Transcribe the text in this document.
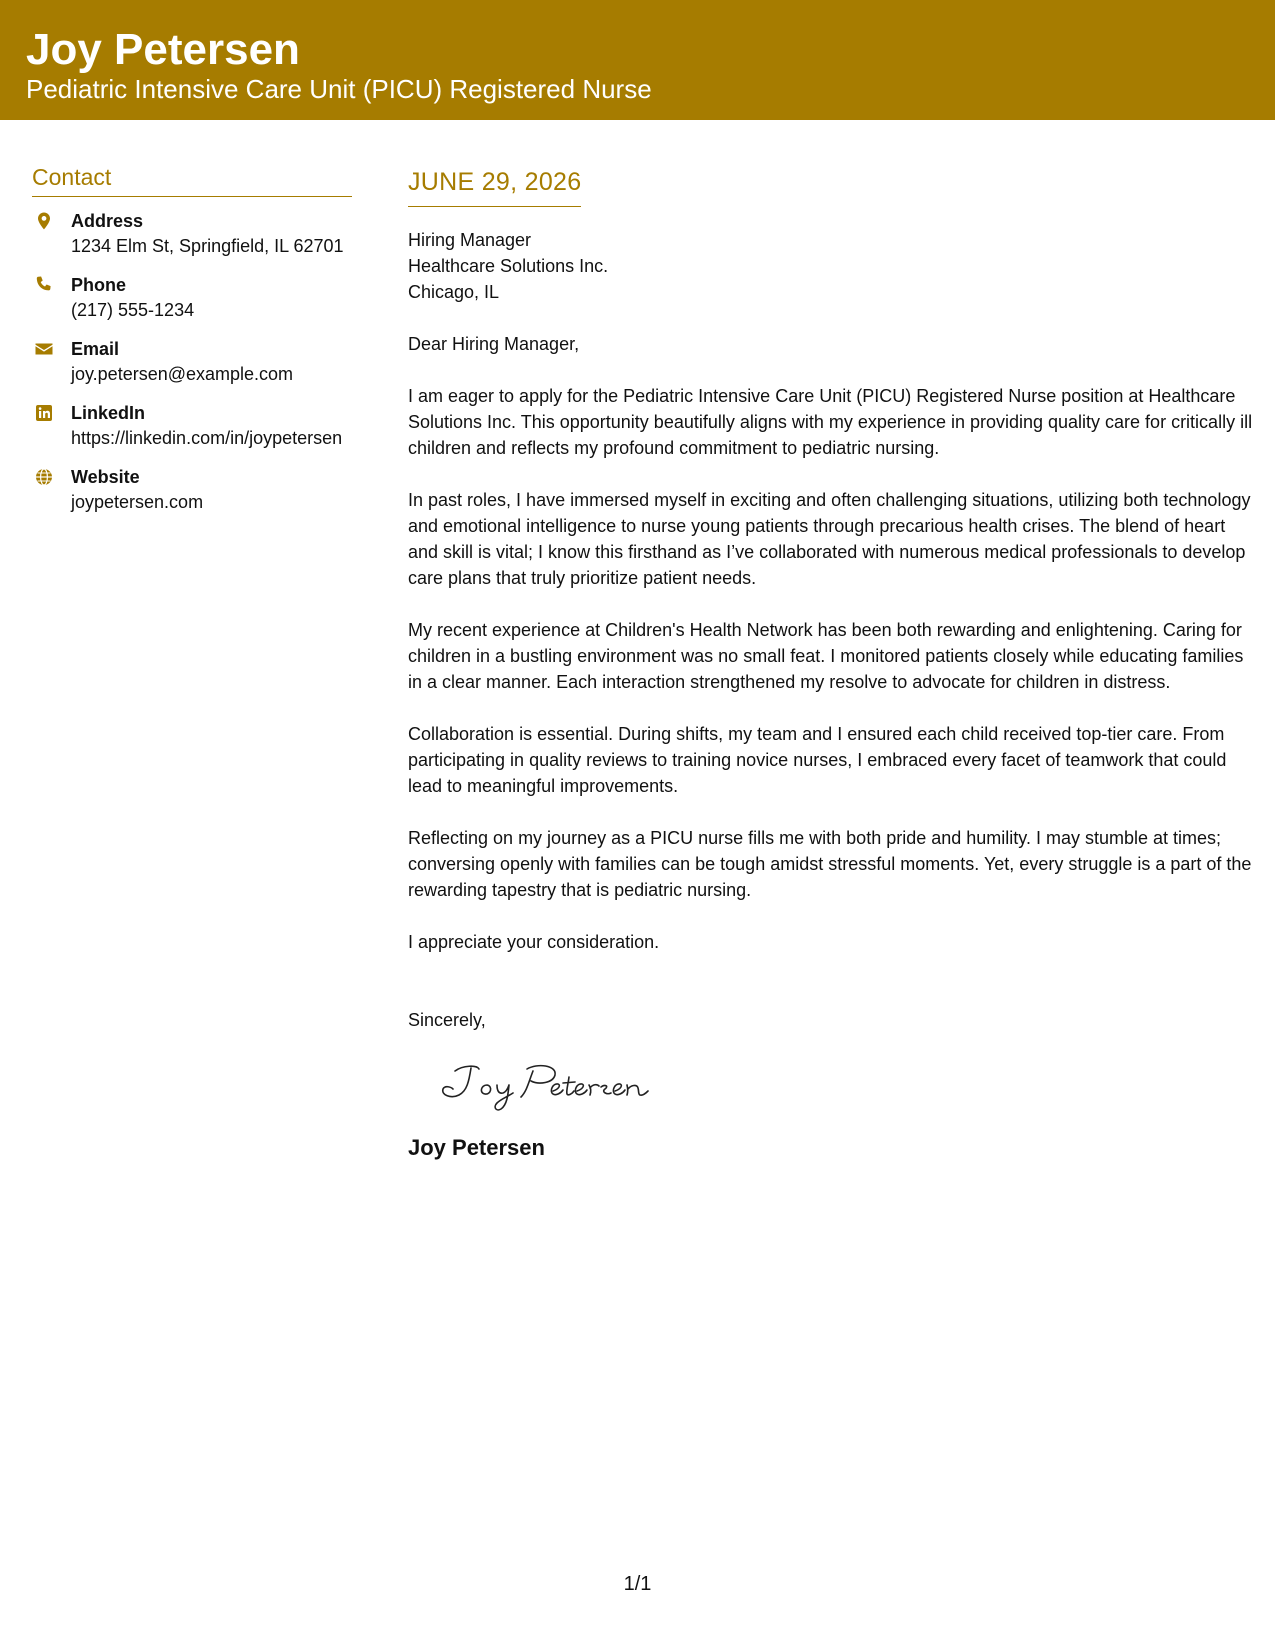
Joy Petersen
Pediatric Intensive Care Unit (PICU) Registered Nurse
Contact
Address
1234 Elm St, Springfield, IL 62701
Phone
(217) 555-1234
Email
joy.petersen@example.com
LinkedIn
https://linkedin.com/in/joypetersen
Website
joypetersen.com
JUNE 29, 2026
Hiring Manager
Healthcare Solutions Inc.
Chicago, IL
Dear Hiring Manager,
I am eager to apply for the Pediatric Intensive Care Unit (PICU) Registered Nurse position at Healthcare Solutions Inc. This opportunity beautifully aligns with my experience in providing quality care for critically ill children and reflects my profound commitment to pediatric nursing.
In past roles, I have immersed myself in exciting and often challenging situations, utilizing both technology and emotional intelligence to nurse young patients through precarious health crises. The blend of heart and skill is vital; I know this firsthand as I’ve collaborated with numerous medical professionals to develop care plans that truly prioritize patient needs.
My recent experience at Children's Health Network has been both rewarding and enlightening. Caring for children in a bustling environment was no small feat. I monitored patients closely while educating families in a clear manner. Each interaction strengthened my resolve to advocate for children in distress.
Collaboration is essential. During shifts, my team and I ensured each child received top-tier care. From participating in quality reviews to training novice nurses, I embraced every facet of teamwork that could lead to meaningful improvements.
Reflecting on my journey as a PICU nurse fills me with both pride and humility. I may stumble at times; conversing openly with families can be tough amidst stressful moments. Yet, every struggle is a part of the rewarding tapestry that is pediatric nursing.
I appreciate your consideration.
Sincerely,
Joy Petersen
1/1
